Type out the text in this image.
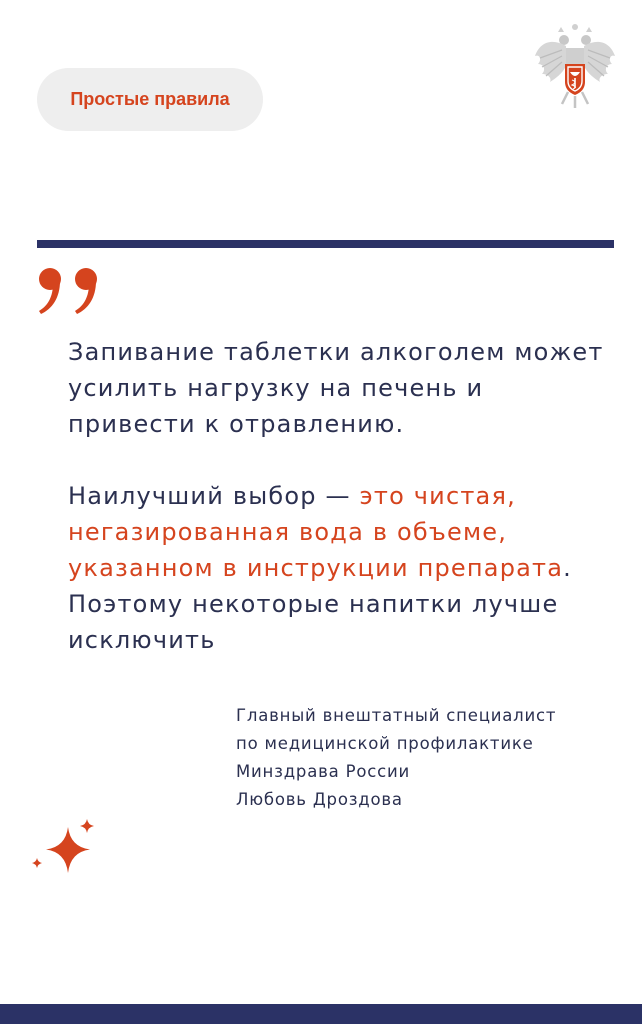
Простые правила

Запивание таблетки алкоголем может усилить нагрузку на печень и привести к отравлению.

Наилучший выбор — это чистая, негазированная вода в объеме, указанном в инструкции препарата. Поэтому некоторые напитки лучше исключить

Главный внештатный специалист
по медицинской профилактике
Минздрава России
Любовь Дроздова
